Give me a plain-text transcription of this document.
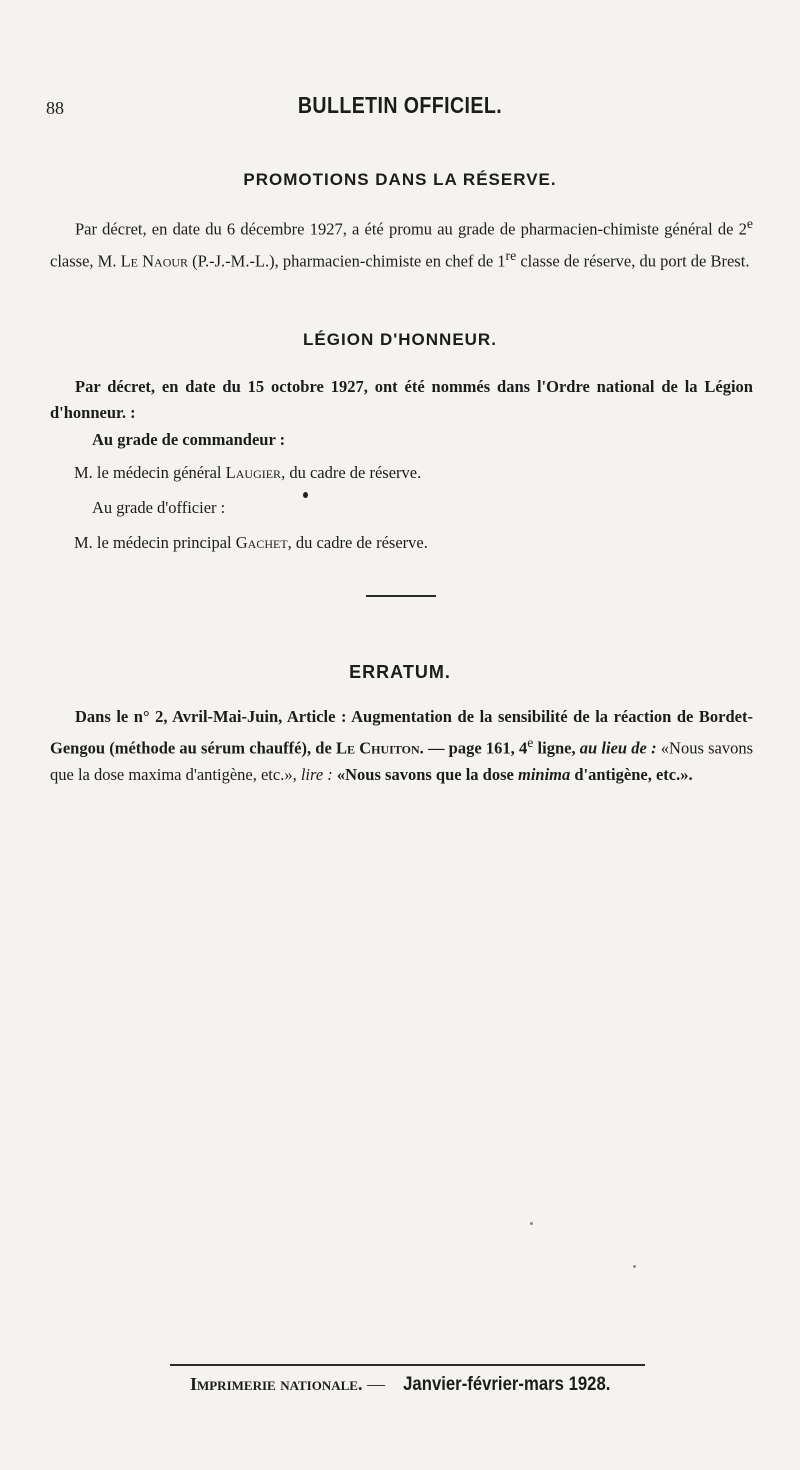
88	BULLETIN OFFICIEL.
PROMOTIONS DANS LA RÉSERVE.

Par décret, en date du 6 décembre 1927, a été promu au grade de pharmacien-chimiste général de 2e classe, M. Le Naour (P.-J.-M.-L.), pharmacien-chimiste en chef de 1re classe de réserve, du port de Brest.

LÉGION D'HONNEUR.

Par décret, en date du 15 octobre 1927, ont été nommés dans l'Ordre national de la Légion d'honneur. :

Au grade de commandeur :
M. le médecin général Laugier, du cadre de réserve.
Au grade d'officier :
M. le médecin principal Gachet, du cadre de réserve.
ERRATUM.

Dans le n° 2, Avril-Mai-Juin, Article : Augmentation de la sensibilité de la réaction de Bordet-Gengou (méthode au sérum chauffé), de Le Chuiton. — page 161, 4e ligne, au lieu de : «Nous savons que la dose maxima d'antigène, etc.», lire : «Nous savons que la dose minima d'antigène, etc.».

Imprimerie nationale. — Janvier-février-mars 1928.
